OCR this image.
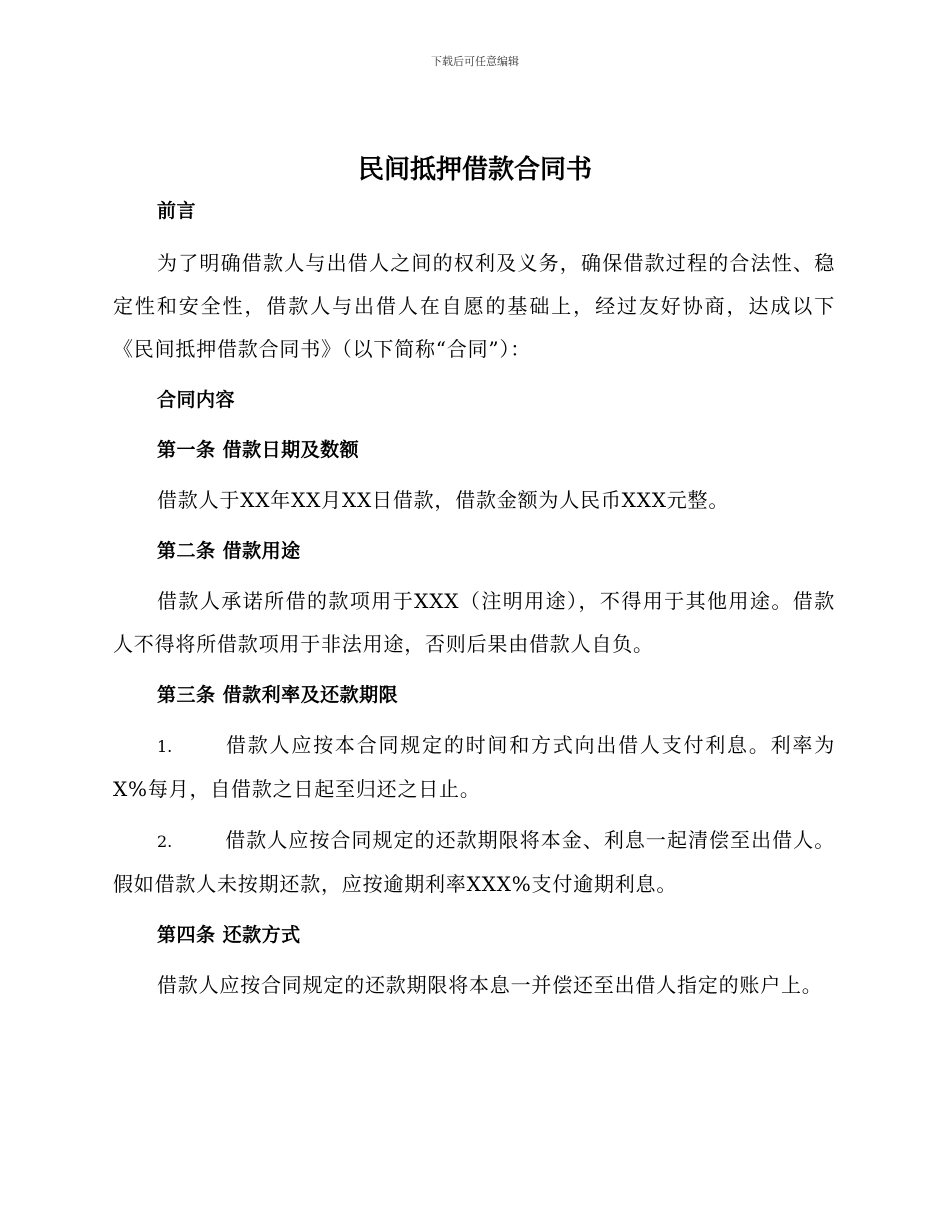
下载后可任意编辑
民间抵押借款合同书

前言

为了明确借款人与出借人之间的权利及义务，确保借款过程的合法性、稳定性和安全性，借款人与出借人在自愿的基础上，经过友好协商，达成以下《民间抵押借款合同书》（以下简称“合同”）：

合同内容

第一条 借款日期及数额

借款人于XX年XX月XX日借款，借款金额为人民币XXX元整。

第二条 借款用途

借款人承诺所借的款项用于XXX（注明用途），不得用于其他用途。借款人不得将所借款项用于非法用途，否则后果由借款人自负。

第三条 借款利率及还款期限

1.	借款人应按本合同规定的时间和方式向出借人支付利息。利率为X%每月，自借款之日起至归还之日止。

2.	借款人应按合同规定的还款期限将本金、利息一起清偿至出借人。假如借款人未按期还款，应按逾期利率XXX%支付逾期利息。

第四条 还款方式

借款人应按合同规定的还款期限将本息一并偿还至出借人指定的账户上。
